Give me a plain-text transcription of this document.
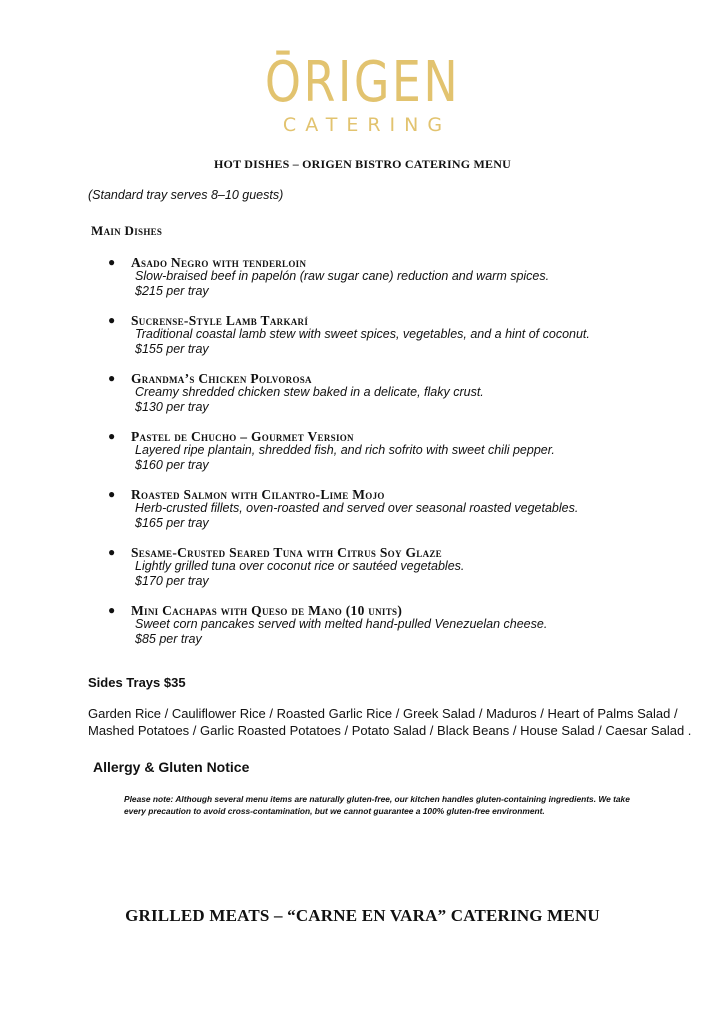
ŌRIGEN
CATERING
HOT DISHES – ORIGEN BISTRO CATERING MENU

(Standard tray serves 8–10 guests)

Main Dishes
● Asado Negro with tenderloin
Slow-braised beef in papelón (raw sugar cane) reduction and warm spices.
$215 per tray
● Sucrense-Style Lamb Tarkarí
Traditional coastal lamb stew with sweet spices, vegetables, and a hint of coconut.
$155 per tray
● Grandma’s Chicken Polvorosa
Creamy shredded chicken stew baked in a delicate, flaky crust.
$130 per tray
● Pastel de Chucho – Gourmet Version
Layered ripe plantain, shredded fish, and rich sofrito with sweet chili pepper.
$160 per tray
● Roasted Salmon with Cilantro-Lime Mojo
Herb-crusted fillets, oven-roasted and served over seasonal roasted vegetables.
$165 per tray
● Sesame-Crusted Seared Tuna with Citrus Soy Glaze
Lightly grilled tuna over coconut rice or sautéed vegetables.
$170 per tray
● Mini Cachapas with Queso de Mano (10 units)
Sweet corn pancakes served with melted hand-pulled Venezuelan cheese.
$85 per tray
Sides Trays $35

Garden Rice / Cauliflower Rice / Roasted Garlic Rice / Greek Salad / Maduros / Heart of Palms Salad / Mashed Potatoes / Garlic Roasted Potatoes / Potato Salad / Black Beans / House Salad / Caesar Salad .

Allergy & Gluten Notice

Please note: Although several menu items are naturally gluten-free, our kitchen handles gluten-containing ingredients. We take every precaution to avoid cross-contamination, but we cannot guarantee a 100% gluten-free environment.

GRILLED MEATS – “CARNE EN VARA” CATERING MENU
